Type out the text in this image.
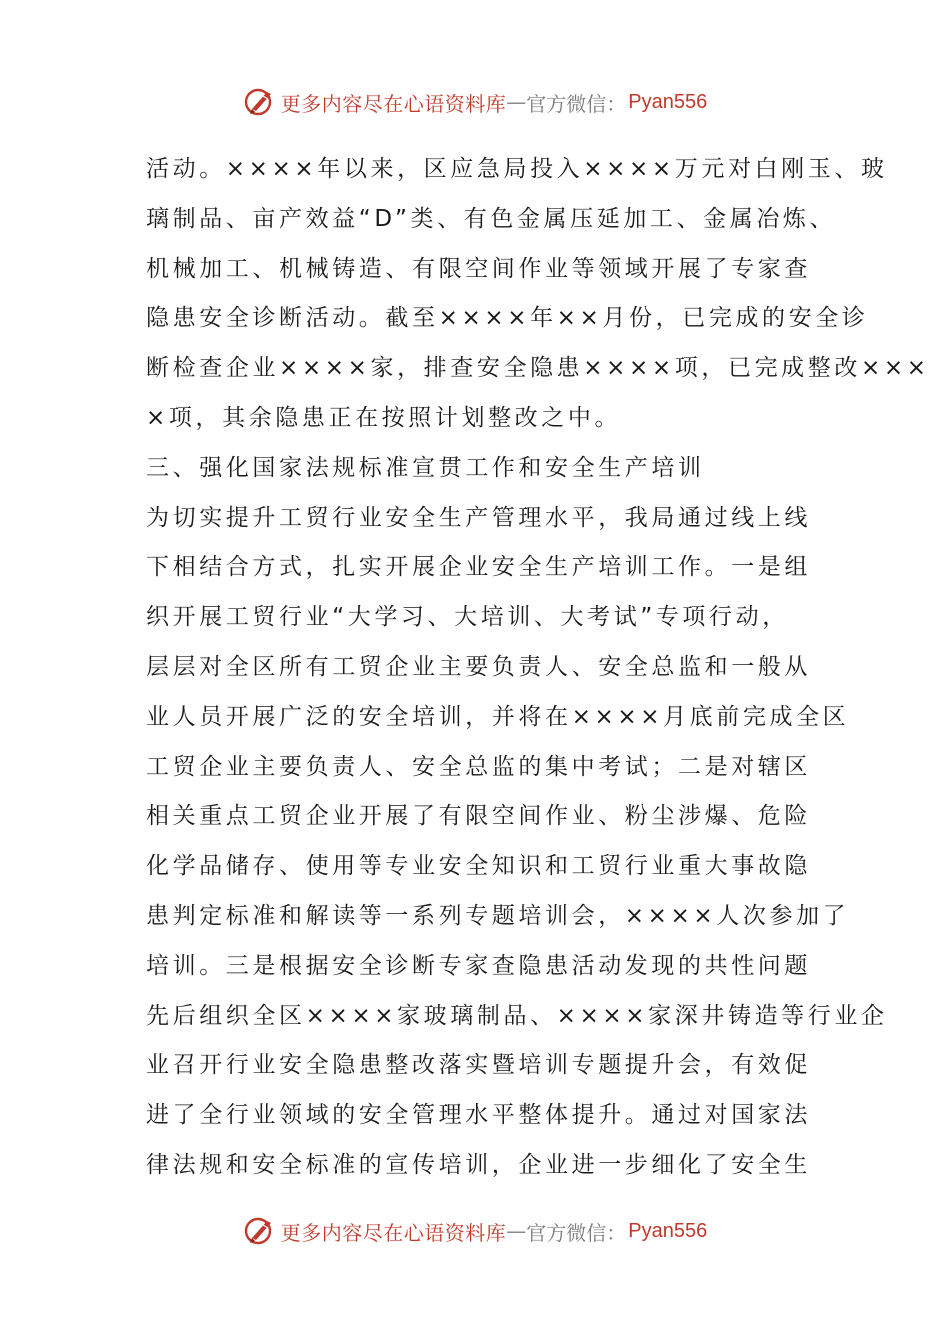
更多内容尽在心语资料库 — 官方微信： Pyan556
活动。××××年以来，区应急局投入××××万元对白刚玉、玻
璃制品、亩产效益“D”类、有色金属压延加工、金属冶炼、
机械加工、机械铸造、有限空间作业等领域开展了专家查
隐患安全诊断活动。截至××××年××月份，已完成的安全诊
断检查企业××××家，排查安全隐患××××项，已完成整改×××
×项，其余隐患正在按照计划整改之中。
三、强化国家法规标准宣贯工作和安全生产培训
为切实提升工贸行业安全生产管理水平，我局通过线上线
下相结合方式，扎实开展企业安全生产培训工作。一是组
织开展工贸行业“大学习、大培训、大考试”专项行动，
层层对全区所有工贸企业主要负责人、安全总监和一般从
业人员开展广泛的安全培训，并将在××××月底前完成全区
工贸企业主要负责人、安全总监的集中考试；二是对辖区
相关重点工贸企业开展了有限空间作业、粉尘涉爆、危险
化学品储存、使用等专业安全知识和工贸行业重大事故隐
患判定标准和解读等一系列专题培训会，××××人次参加了
培训。三是根据安全诊断专家查隐患活动发现的共性问题
先后组织全区××××家玻璃制品、××××家深井铸造等行业企
业召开行业安全隐患整改落实暨培训专题提升会，有效促
进了全行业领域的安全管理水平整体提升。通过对国家法
律法规和安全标准的宣传培训，企业进一步细化了安全生
更多内容尽在心语资料库 — 官方微信： Pyan556
